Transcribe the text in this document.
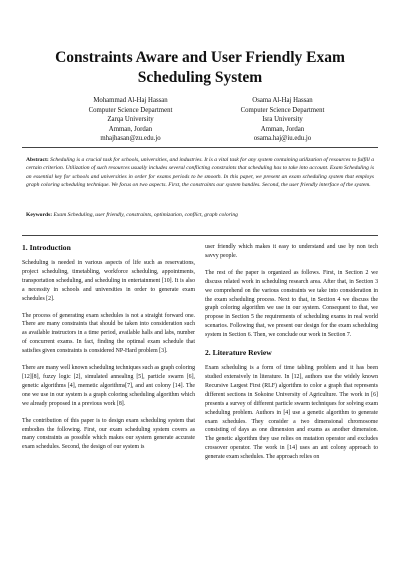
Constraints Aware and User Friendly Exam Scheduling System
Mohammad Al-Haj Hassan
Computer Science Department
Zarqa University
Amman, Jordan
mhajhasan@zu.edu.jo
Osama Al-Haj Hassan
Computer Science Department
Isra University
Amman, Jordan
osama.haj@iu.edu.jo
Abstract: Scheduling is a crucial task for schools, universities, and industries. It is a vital task for any system containing utilization of resources to fulfill a certain criterion. Utilization of such resources usually includes several conflicting constraints that scheduling has to take into account. Exam Scheduling is an essential key for schools and universities in order for exams periods to be smooth. In this paper, we present an exam scheduling system that employs graph coloring scheduling technique. We focus on two aspects. First, the constraints our system handles. Second, the user friendly interface of the system.
Keywords: Exam Scheduling, user friendly, constraints, optimization, conflict, graph coloring
1. Introduction

Scheduling is needed in various aspects of life such as reservations, project scheduling, timetabling, workforce scheduling, appointments, transportation scheduling, and scheduling in entertainment [10]. It is also a necessity in schools and universities in order to generate exam schedules [2].

The process of generating exam schedules is not a straight forward one. There are many constraints that should be taken into consideration such as available instructors in a time period, available halls and labs, number of concurrent exams. In fact, finding the optimal exam schedule that satisfies given constraints is considered NP-Hard problem [3].

There are many well known scheduling techniques such as graph coloring [12][8], fuzzy logic [2], simulated annealing [5], particle swarm [6], genetic algorithms [4], memetic algorithms[7], and ant colony [14]. The one we use in our system is a graph coloring scheduling algorithm which we already proposed in a previous work [8].

The contribution of this paper is to design exam scheduling system that embodies the following. First, our exam scheduling system covers as many constraints as possible which makes our system generate accurate exam schedules. Second, the design of our system is

user friendly which makes it easy to understand and use by non tech savvy people.

The rest of the paper is organized as follows. First, in Section 2 we discuss related work in scheduling research area. After that, in Section 3 we comprehend on the various constraints we take into consideration in the exam scheduling process. Next to that, in Section 4 we discuss the graph coloring algorithm we use in our system. Consequent to that, we propose in Section 5 the requirements of scheduling exams in real world scenarios. Following that, we present our design for the exam scheduling system in Section 6. Then, we conclude our work in Section 7.

2. Literature Review

Exam scheduling is a form of time tabling problem and it has been studied extensively in literature. In [12], authors use the widely known Recursive Largest First (RLF) algorithm to color a graph that represents different sections in Sokoine University of Agriculture. The work in [6] presents a survey of different particle swarm techniques for solving exam scheduling problem. Authors in [4] use a genetic algorithm to generate exam schedules. They consider a two dimensional chromosome consisting of days as one dimension and exams as another dimension. The genetic algorithm they use relies on mutation operator and excludes crossover operator. The work in [14] uses an ant colony approach to generate exam schedules. The approach relies on
